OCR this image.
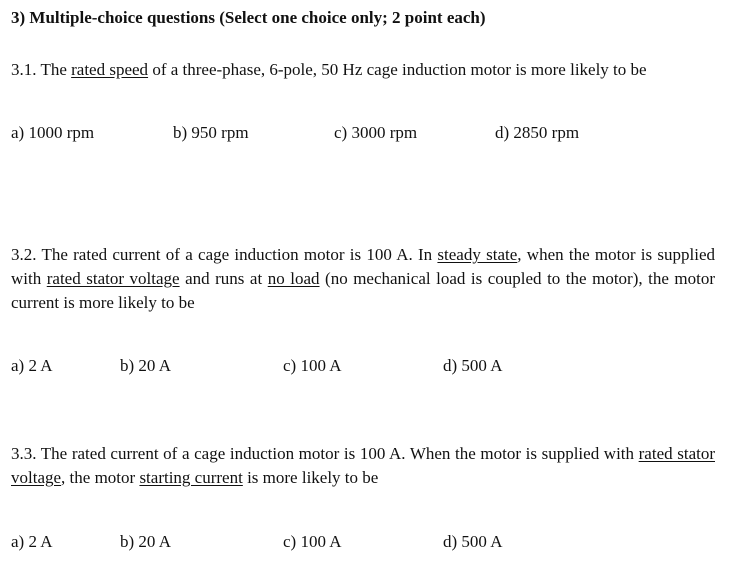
3) Multiple-choice questions (Select one choice only; 2 point each)
3.1. The rated speed of a three-phase, 6-pole, 50 Hz cage induction motor is more likely to be
a) 1000 rpm	b) 950 rpm	c) 3000 rpm	d) 2850 rpm
3.2. The rated current of a cage induction motor is 100 A. In steady state, when the motor is supplied with rated stator voltage and runs at no load (no mechanical load is coupled to the motor), the motor current is more likely to be
a) 2 A	b) 20 A	c) 100 A	d) 500 A
3.3. The rated current of a cage induction motor is 100 A. When the motor is supplied with rated stator voltage, the motor starting current is more likely to be
a) 2 A	b) 20 A	c) 100 A	d) 500 A
